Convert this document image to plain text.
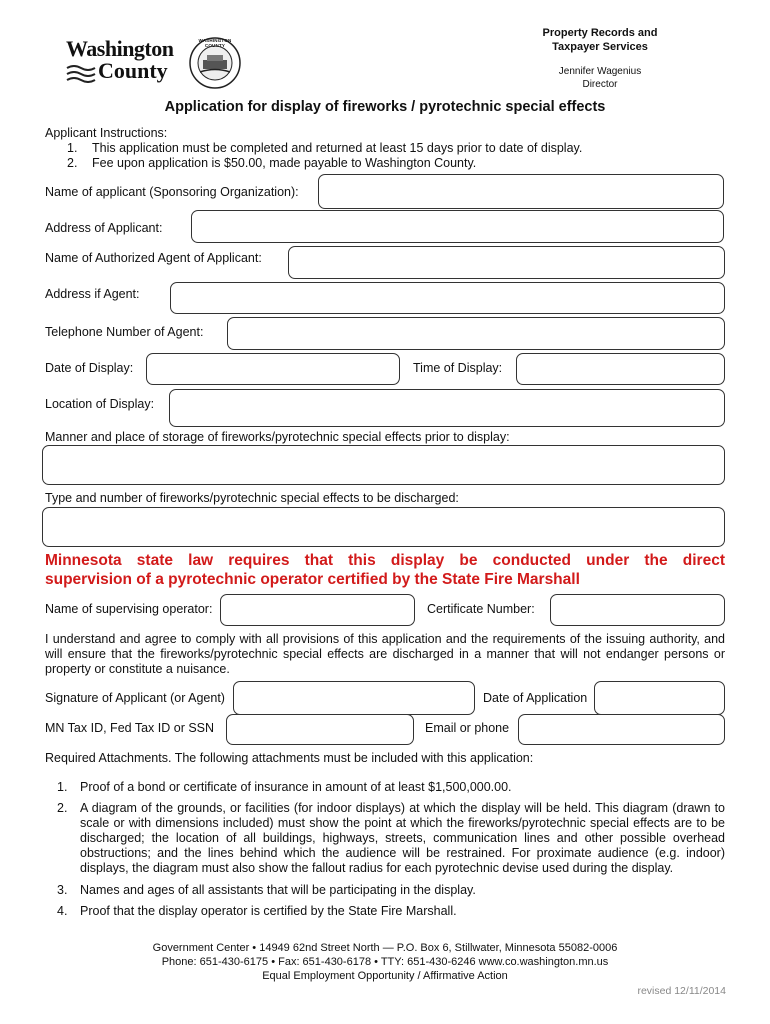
Washington
County
WASHINGTON COUNTY
Property Records and
Taxpayer Services
Jennifer Wagenius
Director
Application for display of fireworks / pyrotechnic special effects
Applicant Instructions:
1. This application must be completed and returned at least 15 days prior to date of display.
2. Fee upon application is $50.00, made payable to Washington County.
Name of applicant (Sponsoring Organization):
Address of Applicant:
Name of Authorized Agent of Applicant:
Address if Agent:
Telephone Number of Agent:
Date of Display:	Time of Display:
Location of Display:
Manner and place of storage of fireworks/pyrotechnic special effects prior to display:
Type and number of fireworks/pyrotechnic special effects to be discharged:
Minnesota state law requires that this display be conducted under the direct
supervision of a pyrotechnic operator certified by the State Fire Marshall
Name of supervising operator:	Certificate Number:
I understand and agree to comply with all provisions of this application and the requirements of the issuing authority, and
will ensure that the fireworks/pyrotechnic special effects are discharged in a manner that will not endanger persons or
property or constitute a nuisance.
Signature of Applicant (or Agent)	Date of Application
MN Tax ID, Fed Tax ID or SSN	Email or phone
Required Attachments. The following attachments must be included with this application:
1. Proof of a bond or certificate of insurance in amount of at least $1,500,000.00.
2. A diagram of the grounds, or facilities (for indoor displays) at which the display will be held. This diagram (drawn to
scale or with dimensions included) must show the point at which the fireworks/pyrotechnic special effects are to be
discharged; the location of all buildings, highways, streets, communication lines and other possible overhead
obstructions; and the lines behind which the audience will be restrained. For proximate audience (e.g. indoor)
displays, the diagram must also show the fallout radius for each pyrotechnic devise used during the display.
3. Names and ages of all assistants that will be participating in the display.
4. Proof that the display operator is certified by the State Fire Marshall.
Government Center • 14949 62nd Street North — P.O. Box 6, Stillwater, Minnesota 55082-0006
Phone: 651-430-6175 • Fax: 651-430-6178 • TTY: 651-430-6246 www.co.washington.mn.us
Equal Employment Opportunity / Affirmative Action
revised 12/11/2014
